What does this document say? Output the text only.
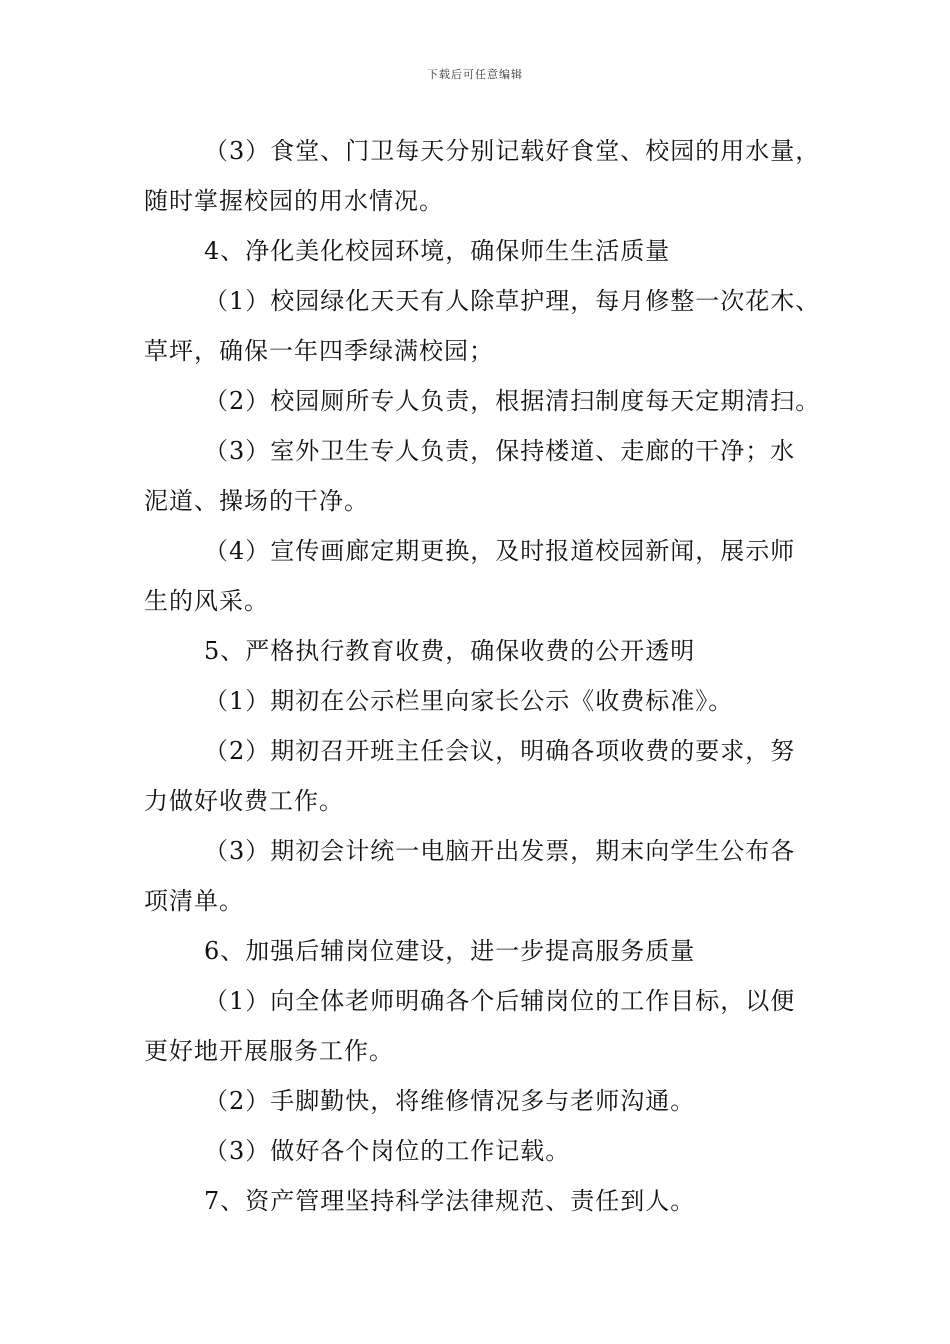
下载后可任意编辑
（3）食堂、门卫每天分别记载好食堂、校园的用水量，
随时掌握校园的用水情况。
4、净化美化校园环境，确保师生生活质量
（1）校园绿化天天有人除草护理，每月修整一次花木、
草坪，确保一年四季绿满校园；
（2）校园厕所专人负责，根据清扫制度每天定期清扫。
（3）室外卫生专人负责，保持楼道、走廊的干净；水
泥道、操场的干净。
（4）宣传画廊定期更换，及时报道校园新闻，展示师
生的风采。
5、严格执行教育收费，确保收费的公开透明
（1）期初在公示栏里向家长公示《收费标准》。
（2）期初召开班主任会议，明确各项收费的要求，努
力做好收费工作。
（3）期初会计统一电脑开出发票，期末向学生公布各
项清单。
6、加强后辅岗位建设，进一步提高服务质量
（1）向全体老师明确各个后辅岗位的工作目标，以便
更好地开展服务工作。
（2）手脚勤快，将维修情况多与老师沟通。
（3）做好各个岗位的工作记载。
7、资产管理坚持科学法律规范、责任到人。
